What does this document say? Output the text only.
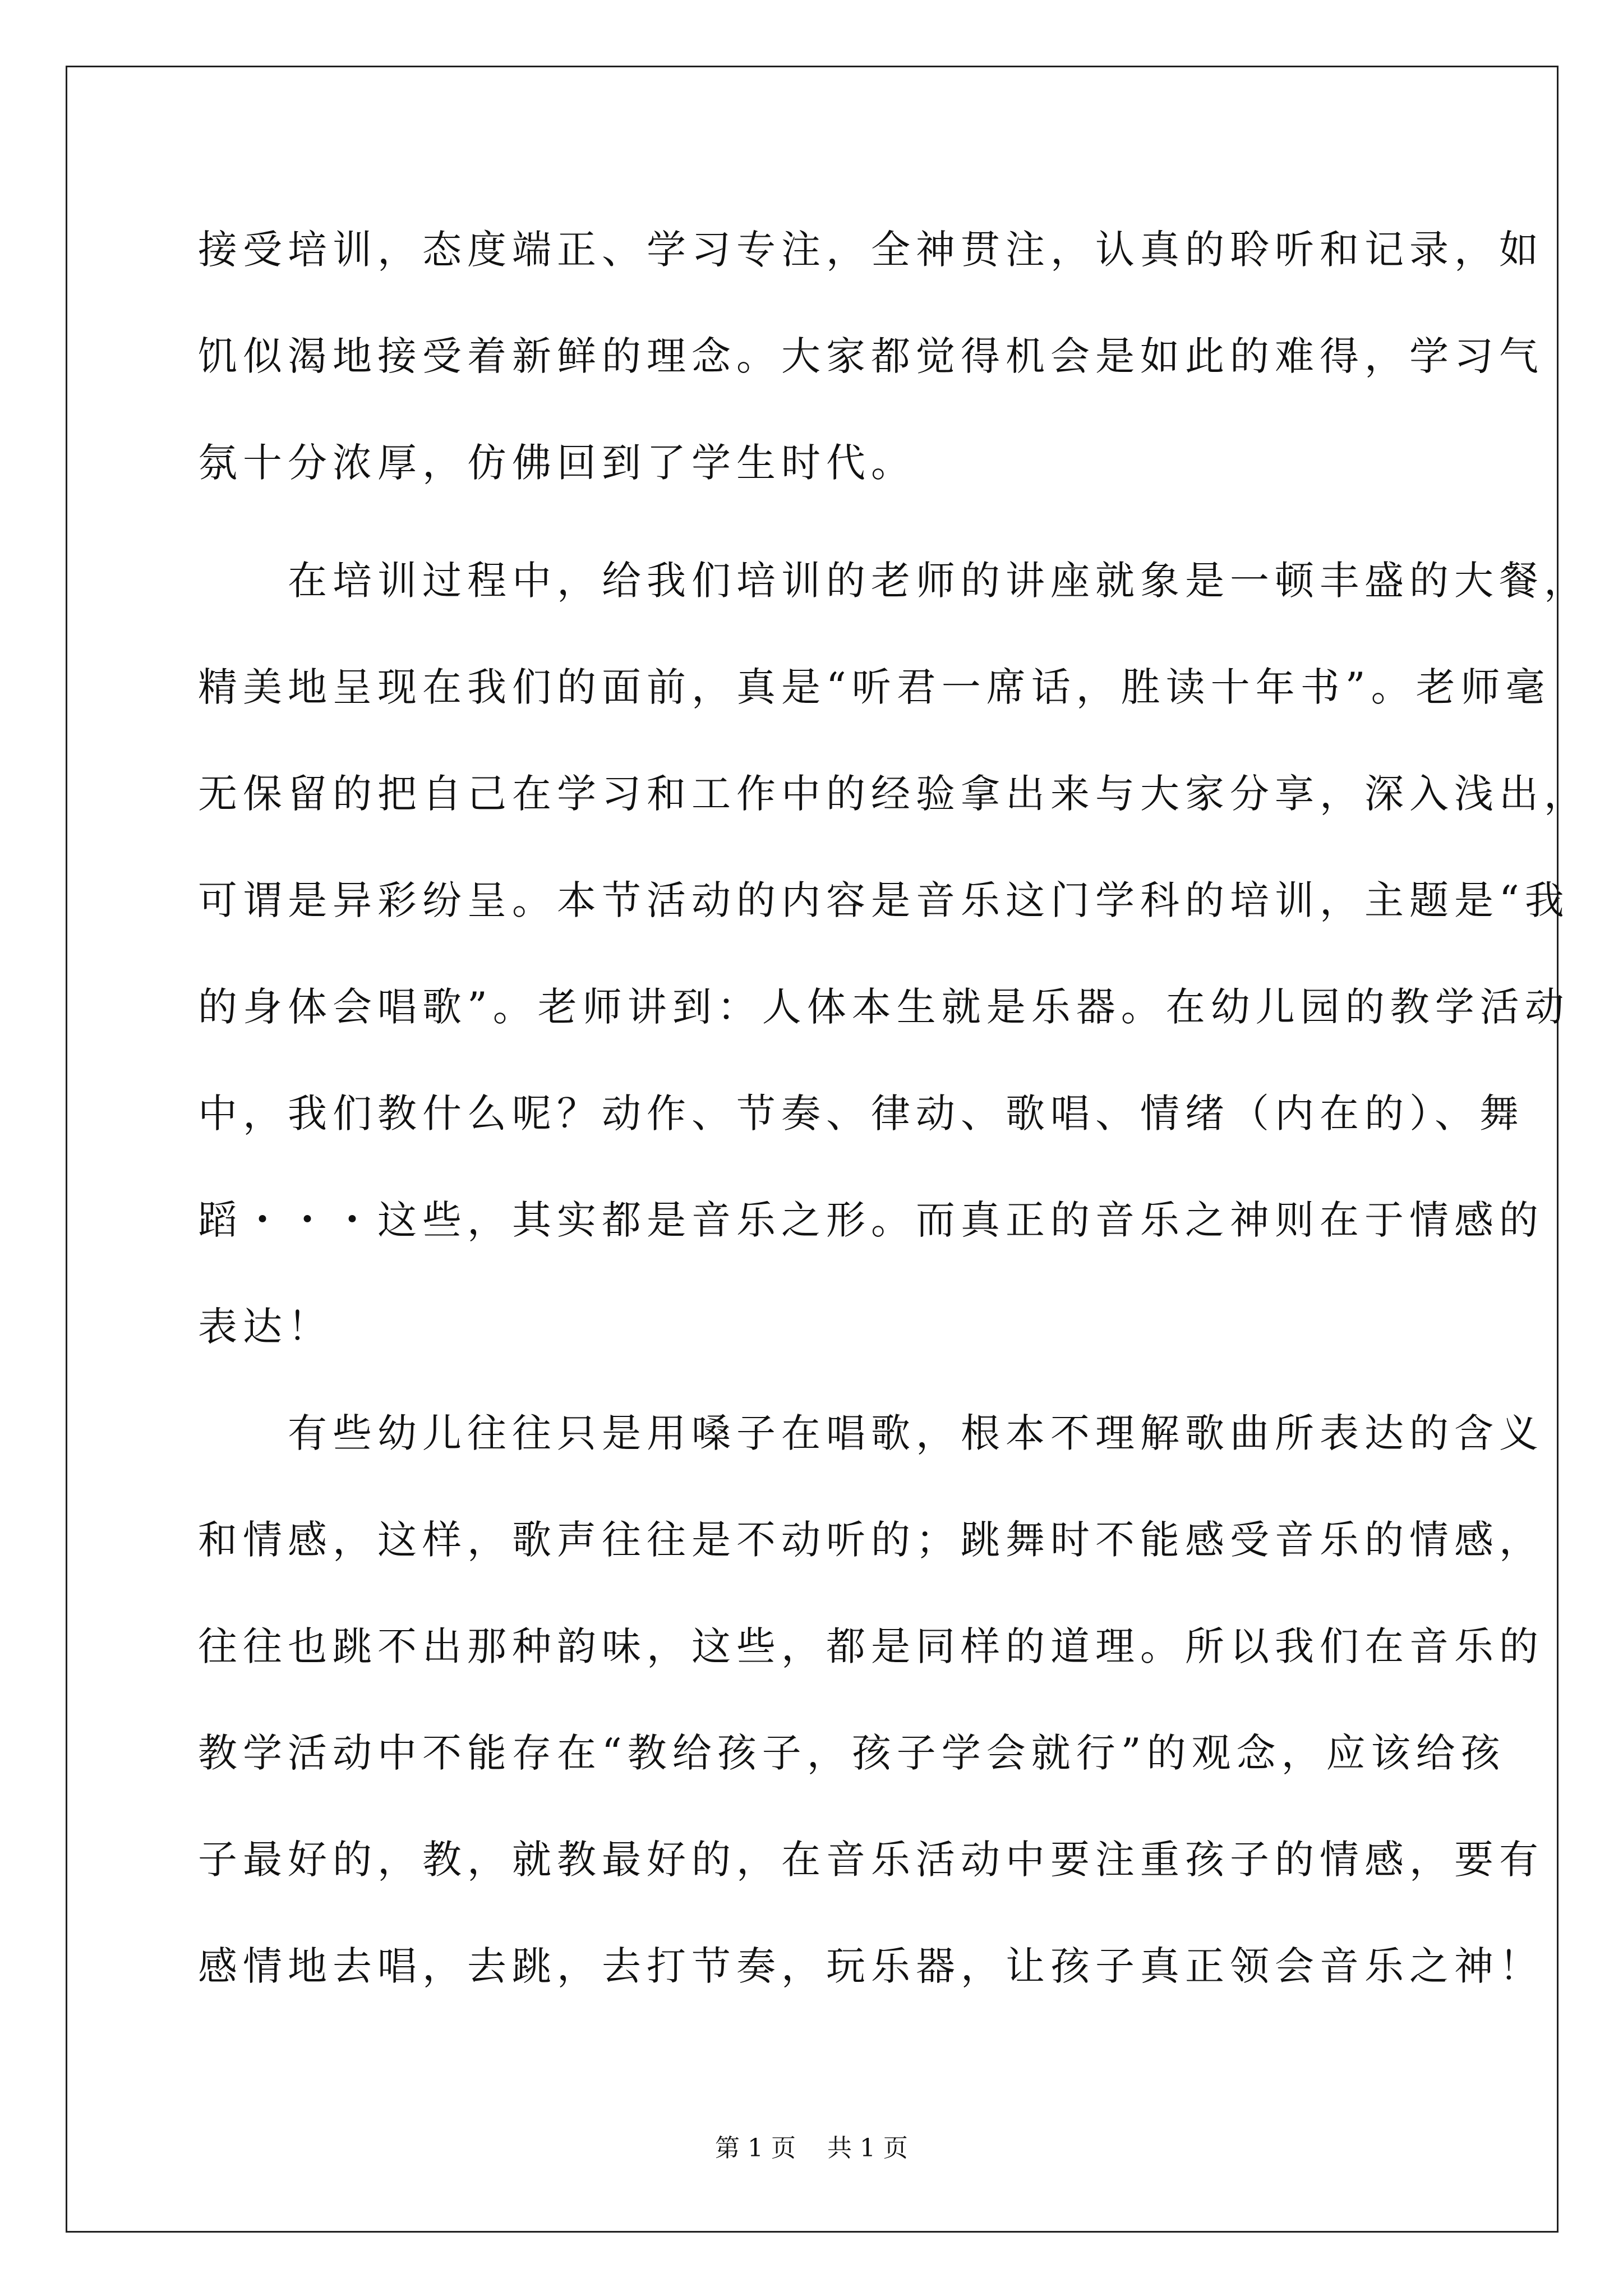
接受培训，态度端正、学习专注，全神贯注，认真的聆听和记录，如
饥似渴地接受着新鲜的理念。大家都觉得机会是如此的难得，学习气
氛十分浓厚，仿佛回到了学生时代。
　　在培训过程中，给我们培训的老师的讲座就象是一顿丰盛的大餐，
精美地呈现在我们的面前，真是“听君一席话，胜读十年书”。老师毫
无保留的把自己在学习和工作中的经验拿出来与大家分享，深入浅出，
可谓是异彩纷呈。本节活动的内容是音乐这门学科的培训，主题是“我
的身体会唱歌”。老师讲到：人体本生就是乐器。在幼儿园的教学活动
中，我们教什么呢？动作、节奏、律动、歌唱、情绪（内在的）、舞
蹈・・・这些，其实都是音乐之形。而真正的音乐之神则在于情感的
表达！
　　有些幼儿往往只是用嗓子在唱歌，根本不理解歌曲所表达的含义
和情感，这样，歌声往往是不动听的；跳舞时不能感受音乐的情感，
往往也跳不出那种韵味，这些，都是同样的道理。所以我们在音乐的
教学活动中不能存在“教给孩子，孩子学会就行”的观念，应该给孩
子最好的，教，就教最好的，在音乐活动中要注重孩子的情感，要有
感情地去唱，去跳，去打节奏，玩乐器，让孩子真正领会音乐之神！
第 1 页    共 1 页
